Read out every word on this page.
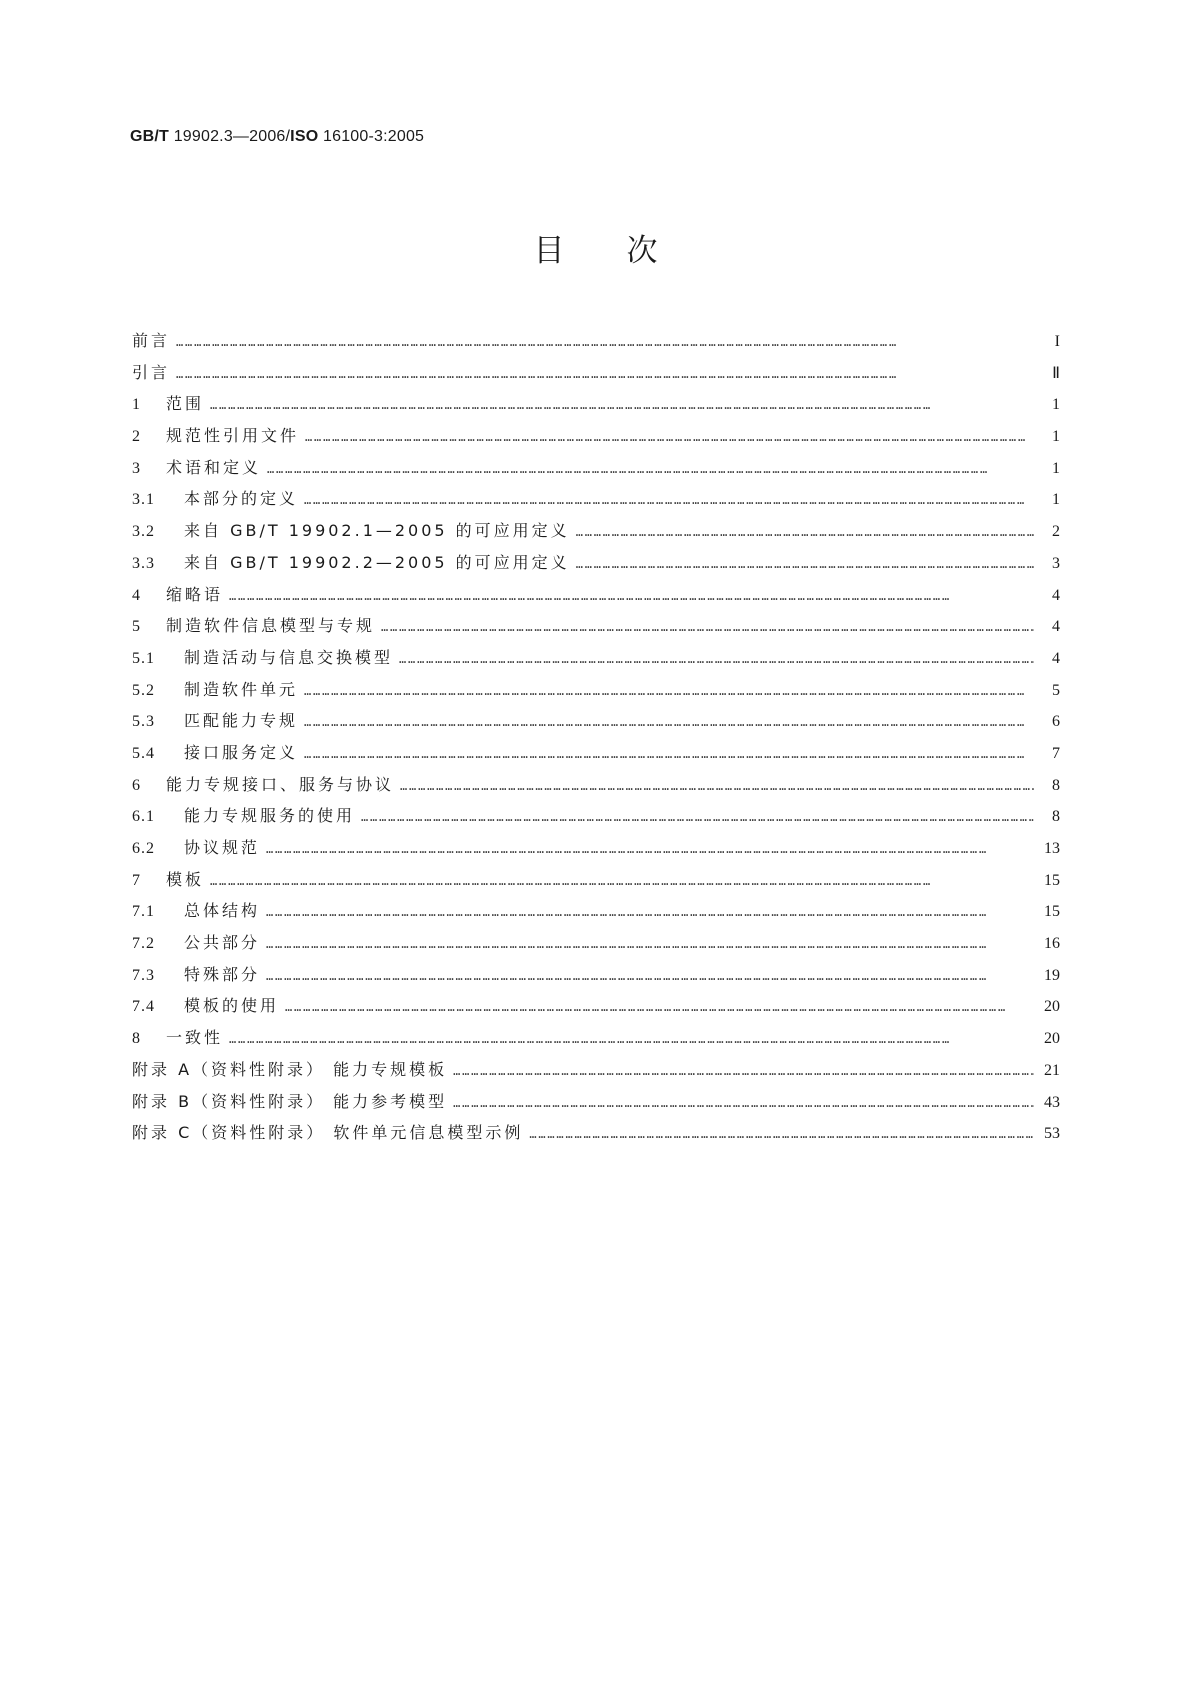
GB/T 19902.3—2006/ISO 16100-3:2005
目次
前言 ……………………………………………………………………………………………………………………………………………………………………………………………………………………	I
引言 ……………………………………………………………………………………………………………………………………………………………………………………………………………………	Ⅱ
1	范围 ……………………………………………………………………………………………………………………………………………………………………………………………………………………	1
2	规范性引用文件 ……………………………………………………………………………………………………………………………………………………………………………………………………………………	1
3	术语和定义 ……………………………………………………………………………………………………………………………………………………………………………………………………………………	1
3.1	本部分的定义 ……………………………………………………………………………………………………………………………………………………………………………………………………………………	1
3.2	来自 GB/T 19902.1—2005 的可应用定义 ……………………………………………………………………………………………………………………………………………………………………………………………………………………	2
3.3	来自 GB/T 19902.2—2005 的可应用定义 ……………………………………………………………………………………………………………………………………………………………………………………………………………………	3
4	缩略语 ……………………………………………………………………………………………………………………………………………………………………………………………………………………	4
5	制造软件信息模型与专规 ……………………………………………………………………………………………………………………………………………………………………………………………………………………	4
5.1	制造活动与信息交换模型 ……………………………………………………………………………………………………………………………………………………………………………………………………………………	4
5.2	制造软件单元 ……………………………………………………………………………………………………………………………………………………………………………………………………………………	5
5.3	匹配能力专规 ……………………………………………………………………………………………………………………………………………………………………………………………………………………	6
5.4	接口服务定义 ……………………………………………………………………………………………………………………………………………………………………………………………………………………	7
6	能力专规接口、服务与协议 ……………………………………………………………………………………………………………………………………………………………………………………………………………………	8
6.1	能力专规服务的使用 ……………………………………………………………………………………………………………………………………………………………………………………………………………………	8
6.2	协议规范 ……………………………………………………………………………………………………………………………………………………………………………………………………………………	13
7	模板 ……………………………………………………………………………………………………………………………………………………………………………………………………………………	15
7.1	总体结构 ……………………………………………………………………………………………………………………………………………………………………………………………………………………	15
7.2	公共部分 ……………………………………………………………………………………………………………………………………………………………………………………………………………………	16
7.3	特殊部分 ……………………………………………………………………………………………………………………………………………………………………………………………………………………	19
7.4	模板的使用 ……………………………………………………………………………………………………………………………………………………………………………………………………………………	20
8	一致性 ……………………………………………………………………………………………………………………………………………………………………………………………………………………	20
附录 A（资料性附录） 能力专规模板 ……………………………………………………………………………………………………………………………………………………………………………………………………………………	21
附录 B（资料性附录） 能力参考模型 ……………………………………………………………………………………………………………………………………………………………………………………………………………………	43
附录 C（资料性附录） 软件单元信息模型示例 ……………………………………………………………………………………………………………………………………………………………………………………………………………………	53
